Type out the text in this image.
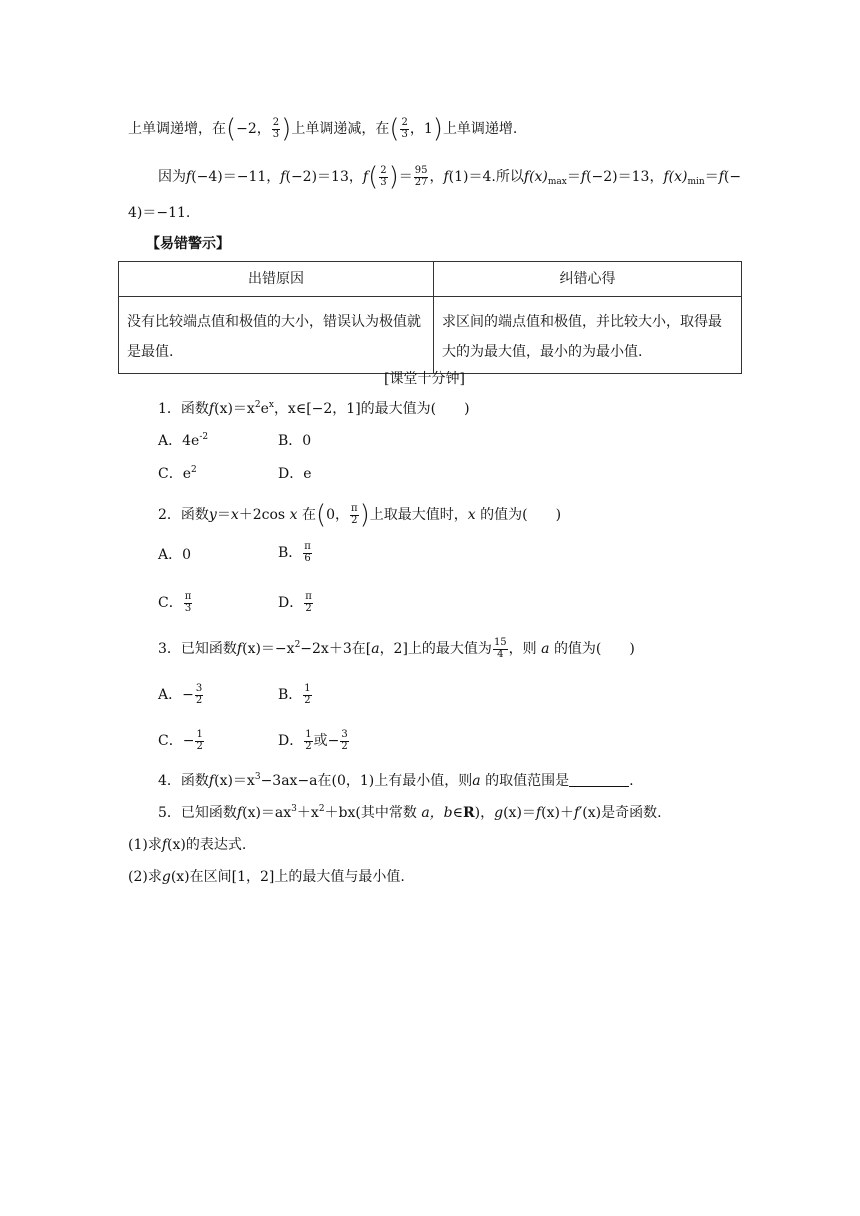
上单调递增，在(−2， $\frac{2}{3}$ )上单调递减，在( $\frac{2}{3}$ ，1)上单调递增.
因为f(−4)＝−11，f(−2)＝13，$f( \frac{2}{3}$ )＝ $\frac{95}{27}$ ，f(1)＝4.所以$f(x)_{max}=f(-2)=13$，$f(x)_{min}=f(-$
4)＝−11.
【易错警示】
出错原因	纠错心得
没有比较端点值和极值的大小，错误认为极值就是最值.	求区间的端点值和极值，并比较大小，取得最大的为最大值，最小的为最小值.
[课堂十分钟]
1．函数$f(x)=x^2e^x$，x∈[−2，1]的最大值为(　　)
A．$4e^{-2}$	B．0
C．$e^2$	D．e
2．函数y＝x＋2cos x 在(0， $\frac{\pi}{2}$ )上取最大值时，x 的值为(　　)
A．0	B． $\frac{\pi}{6}$
C． $\frac{\pi}{3}$	D． $\frac{\pi}{2}$
3．已知函数$f(x)=-x^2-2x+3$在[a，2]上的最大值为 $\frac{15}{4}$ ，则 a 的值为(　　)
A．− $\frac{3}{2}$	B． $\frac{1}{2}$
C．− $\frac{1}{2}$	D． $\frac{1}{2}$ 或− $\frac{3}{2}$
4．函数$f(x)=x^3-3ax-a$在(0，1)上有最小值，则a 的取值范围是	.
5．已知函数$f(x)=ax^3+x^2+bx$(其中常数 a，b∈R)，g(x)＝f(x)＋f′(x)是奇函数.
(1)求f(x)的表达式.
(2)求g(x)在区间[1，2]上的最大值与最小值.
